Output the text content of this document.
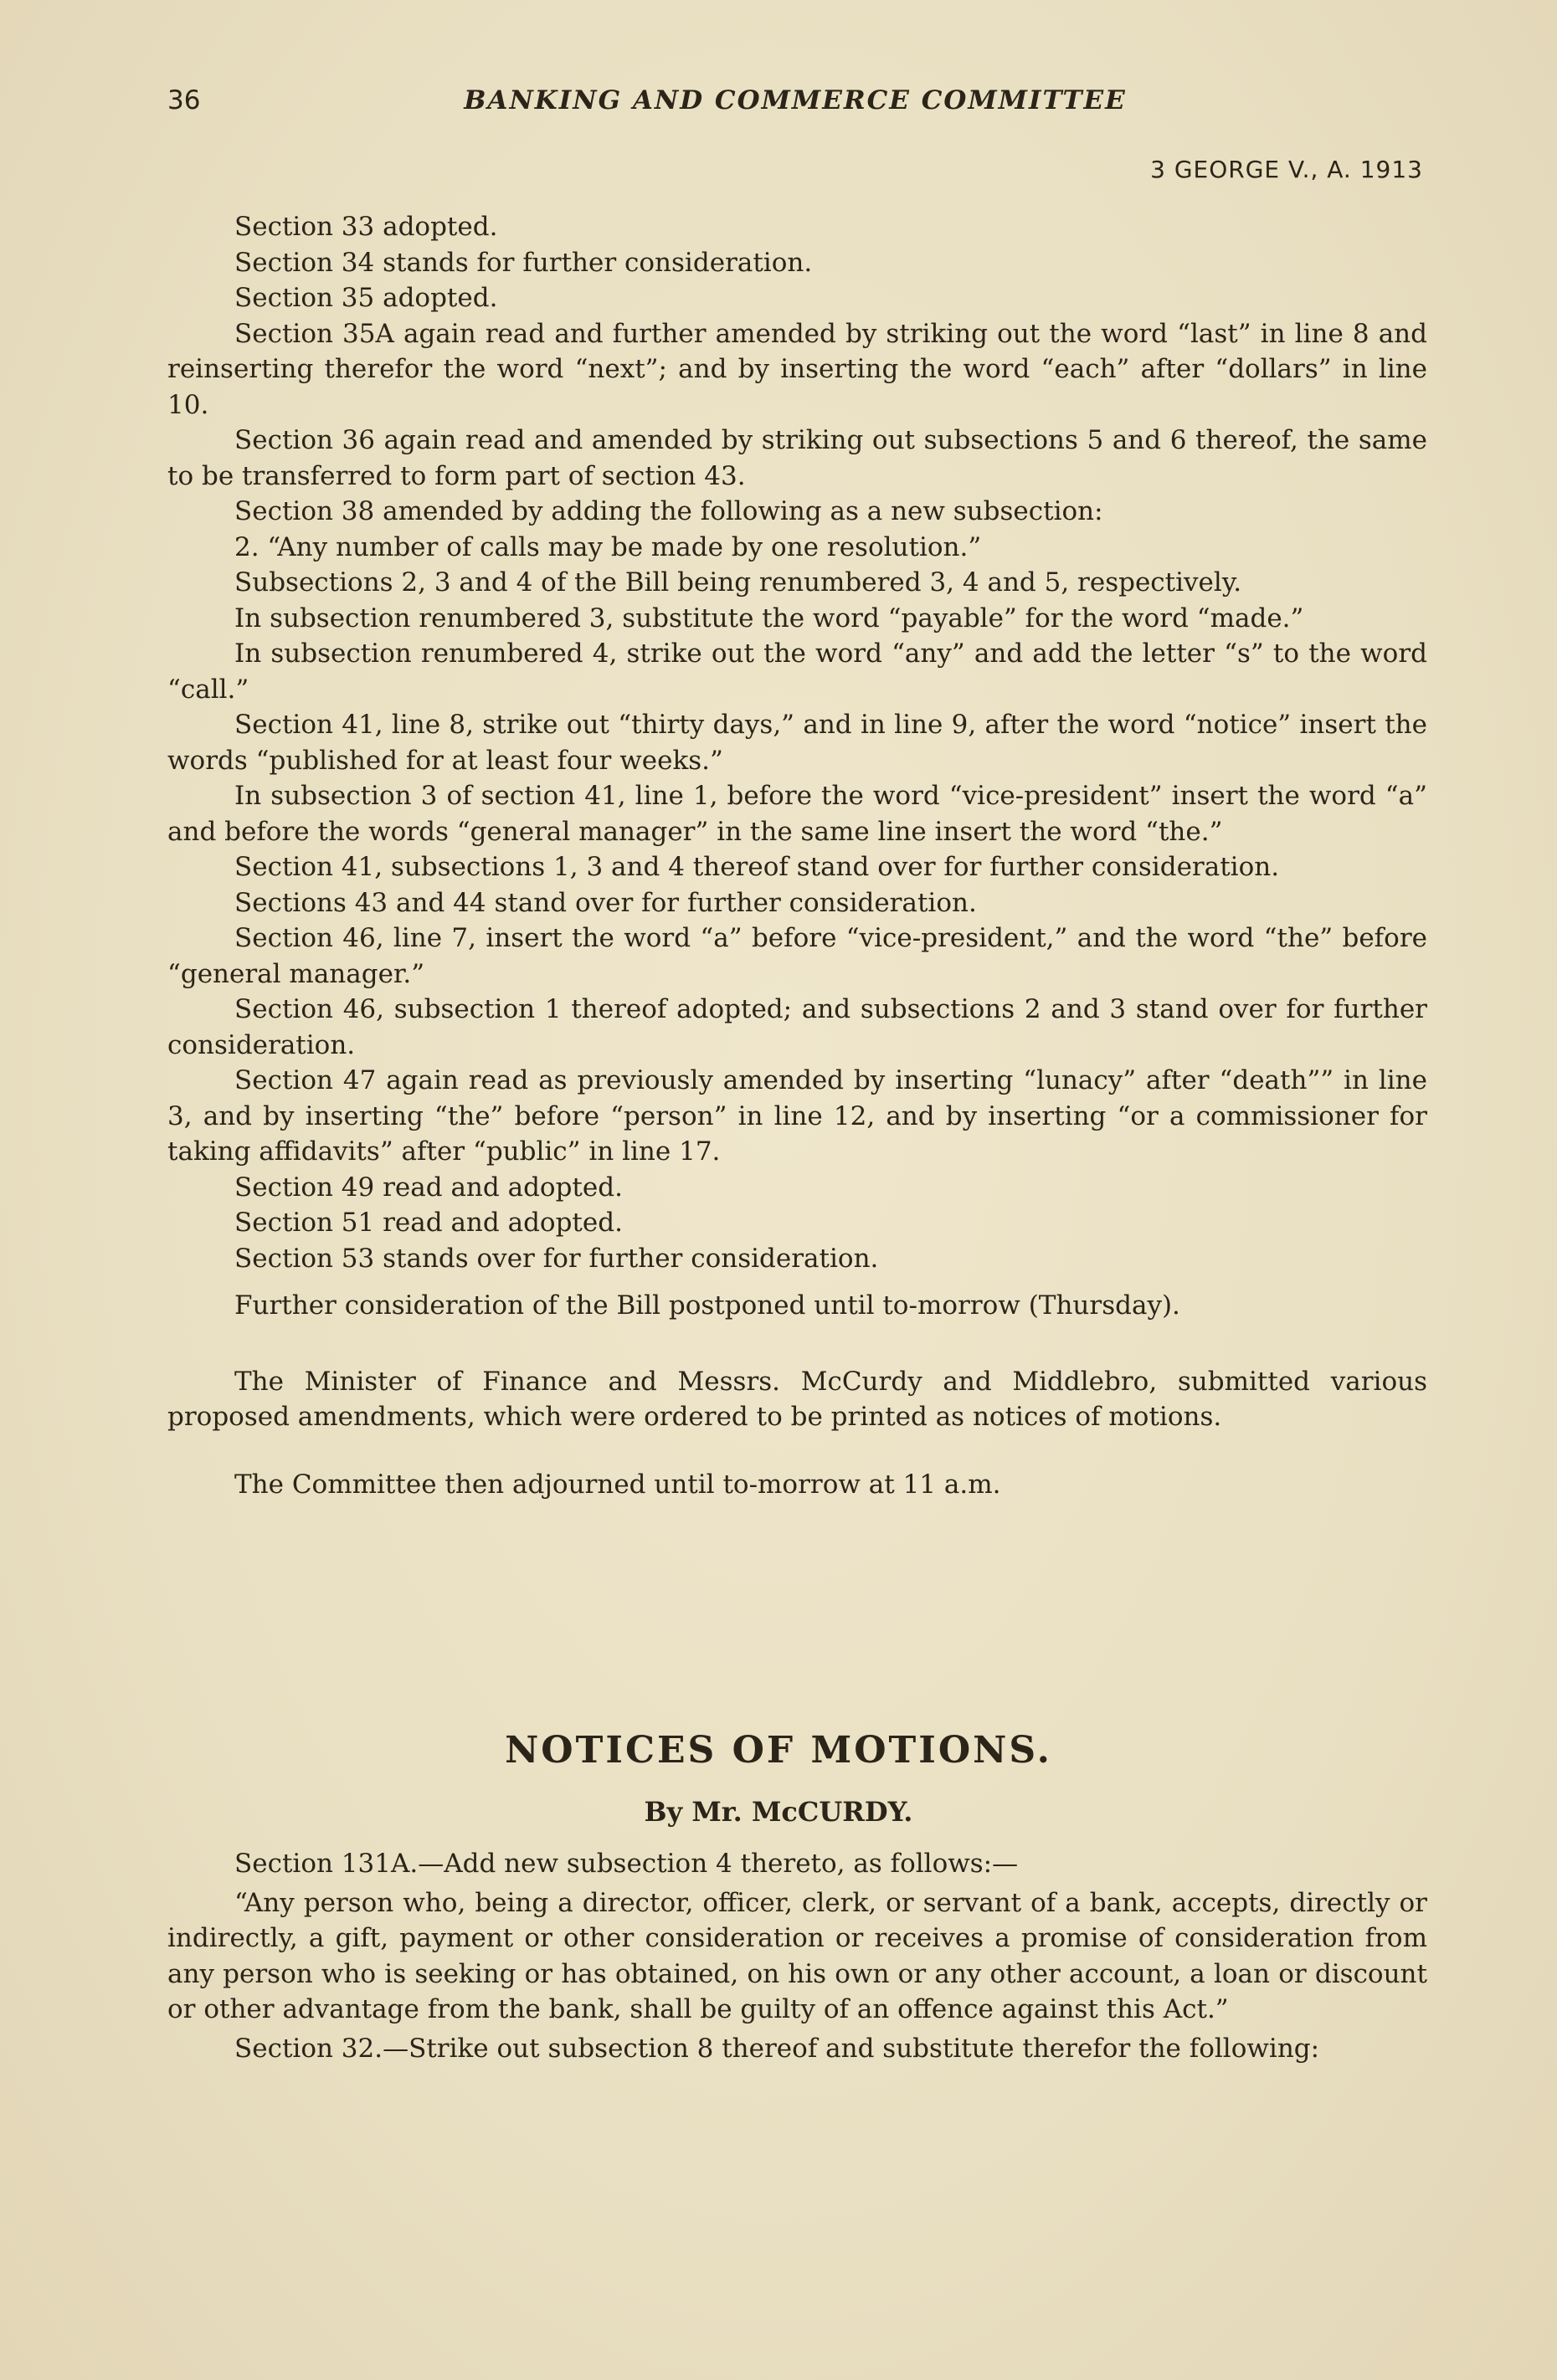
36	BANKING AND COMMERCE COMMITTEE
3 GEORGE V., A. 1913

Section 33 adopted.

Section 34 stands for further consideration.

Section 35 adopted.

Section 35A again read and further amended by striking out the word “last” in line 8 and reinserting therefor the word “next”; and by inserting the word “each” after “dollars” in line 10.

Section 36 again read and amended by striking out subsections 5 and 6 thereof, the same to be transferred to form part of section 43.

Section 38 amended by adding the following as a new subsection:

2. “Any number of calls may be made by one resolution.”

Subsections 2, 3 and 4 of the Bill being renumbered 3, 4 and 5, respectively.

In subsection renumbered 3, substitute the word “payable” for the word “made.”

In subsection renumbered 4, strike out the word “any” and add the letter “s” to the word “call.”

Section 41, line 8, strike out “thirty days,” and in line 9, after the word “notice” insert the words “published for at least four weeks.”

In subsection 3 of section 41, line 1, before the word “vice-president” insert the word “a” and before the words “general manager” in the same line insert the word “the.”

Section 41, subsections 1, 3 and 4 thereof stand over for further consideration.

Sections 43 and 44 stand over for further consideration.

Section 46, line 7, insert the word “a” before “vice-president,” and the word “the” before “general manager.”

Section 46, subsection 1 thereof adopted; and subsections 2 and 3 stand over for further consideration.

Section 47 again read as previously amended by inserting “lunacy” after “death”” in line 3, and by inserting “the” before “person” in line 12, and by inserting “or a commissioner for taking affidavits” after “public” in line 17.

Section 49 read and adopted.

Section 51 read and adopted.

Section 53 stands over for further consideration.

Further consideration of the Bill postponed until to-morrow (Thursday).

The Minister of Finance and Messrs. McCurdy and Middlebro, submitted various proposed amendments, which were ordered to be printed as notices of motions.

The Committee then adjourned until to-morrow at 11 a.m.

NOTICES OF MOTIONS.
By Mr. McCURDY.

Section 131A.—Add new subsection 4 thereto, as follows:—

“Any person who, being a director, officer, clerk, or servant of a bank, accepts, directly or indirectly, a gift, payment or other consideration or receives a promise of consideration from any person who is seeking or has obtained, on his own or any other account, a loan or discount or other advantage from the bank, shall be guilty of an offence against this Act.”

Section 32.—Strike out subsection 8 thereof and substitute therefor the following:
